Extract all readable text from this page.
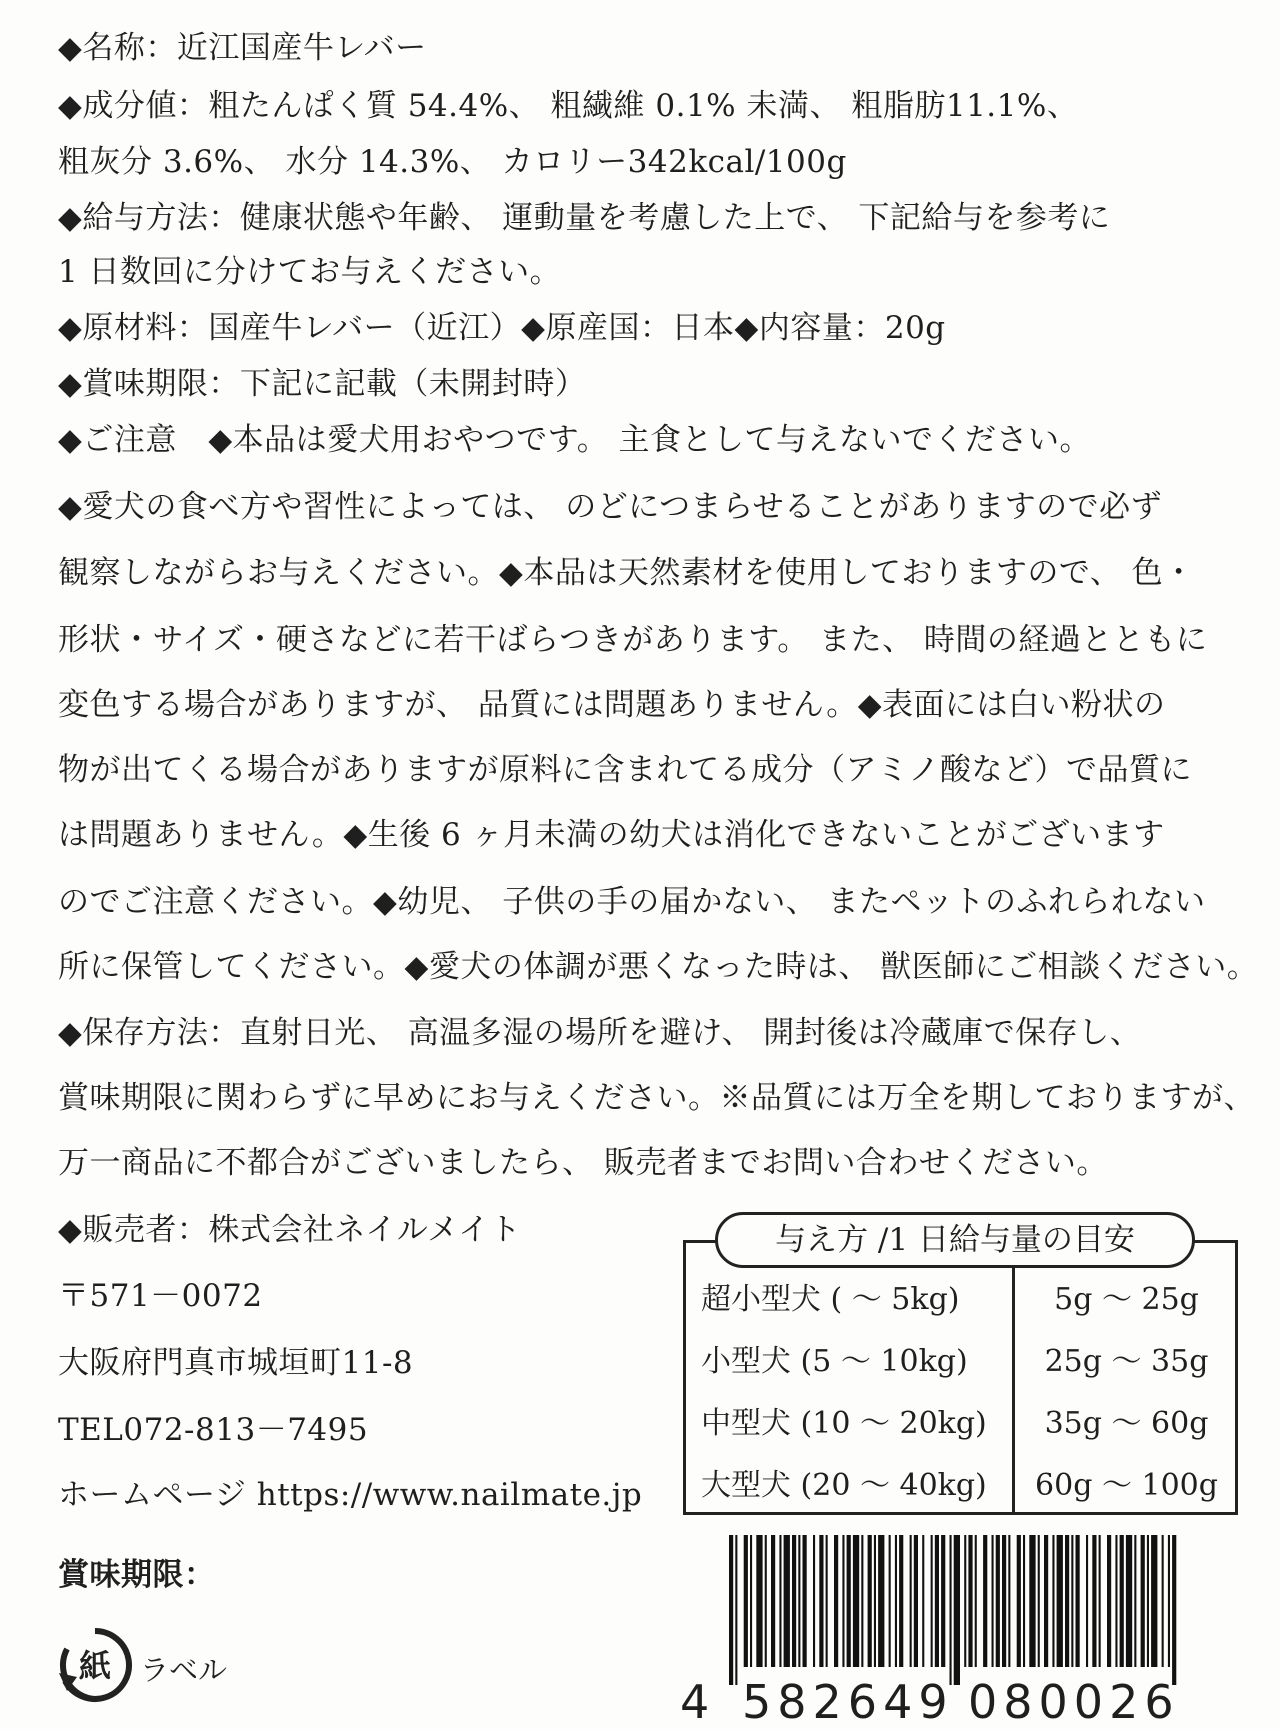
◆名称：近江国産牛レバー
◆成分値：粗たんぱく質 54.4%、 粗繊維 0.1% 未満、 粗脂肪11.1%、
粗灰分 3.6%、 水分 14.3%、 カロリー342kcal/100g
◆給与方法：健康状態や年齢、 運動量を考慮した上で、 下記給与を参考に
1 日数回に分けてお与えください。
◆原材料：国産牛レバー（近江）◆原産国：日本◆内容量：20g
◆賞味期限：下記に記載（未開封時）
◆ご注意　◆本品は愛犬用おやつです。 主食として与えないでください。
◆愛犬の食べ方や習性によっては、 のどにつまらせることがありますので必ず
観察しながらお与えください。◆本品は天然素材を使用しておりますので、 色・
形状・サイズ・硬さなどに若干ばらつきがあります。 また、 時間の経過とともに
変色する場合がありますが、 品質には問題ありません。◆表面には白い粉状の
物が出てくる場合がありますが原料に含まれてる成分（アミノ酸など）で品質に
は問題ありません。◆生後 6 ヶ月未満の幼犬は消化できないことがございます
のでご注意ください。◆幼児、 子供の手の届かない、 またペットのふれられない
所に保管してください。◆愛犬の体調が悪くなった時は、 獣医師にご相談ください。
◆保存方法：直射日光、 高温多湿の場所を避け、 開封後は冷蔵庫で保存し、
賞味期限に関わらずに早めにお与えください。※品質には万全を期しておりますが、
万一商品に不都合がございましたら、 販売者までお問い合わせください。
◆販売者：株式会社ネイルメイト
〒571－0072
大阪府門真市城垣町11-8
TEL072-813－7495
ホームページ https://www.nailmate.jp
賞味期限：
与え方 /1 日給与量の目安
超小型犬 ( ～ 5kg)	5g ～ 25g
小型犬 (5 ～ 10kg)	25g ～ 35g
中型犬 (10 ～ 20kg)	35g ～ 60g
大型犬 (20 ～ 40kg)	60g ～ 100g
4 582649 080026
紙 ラベル
